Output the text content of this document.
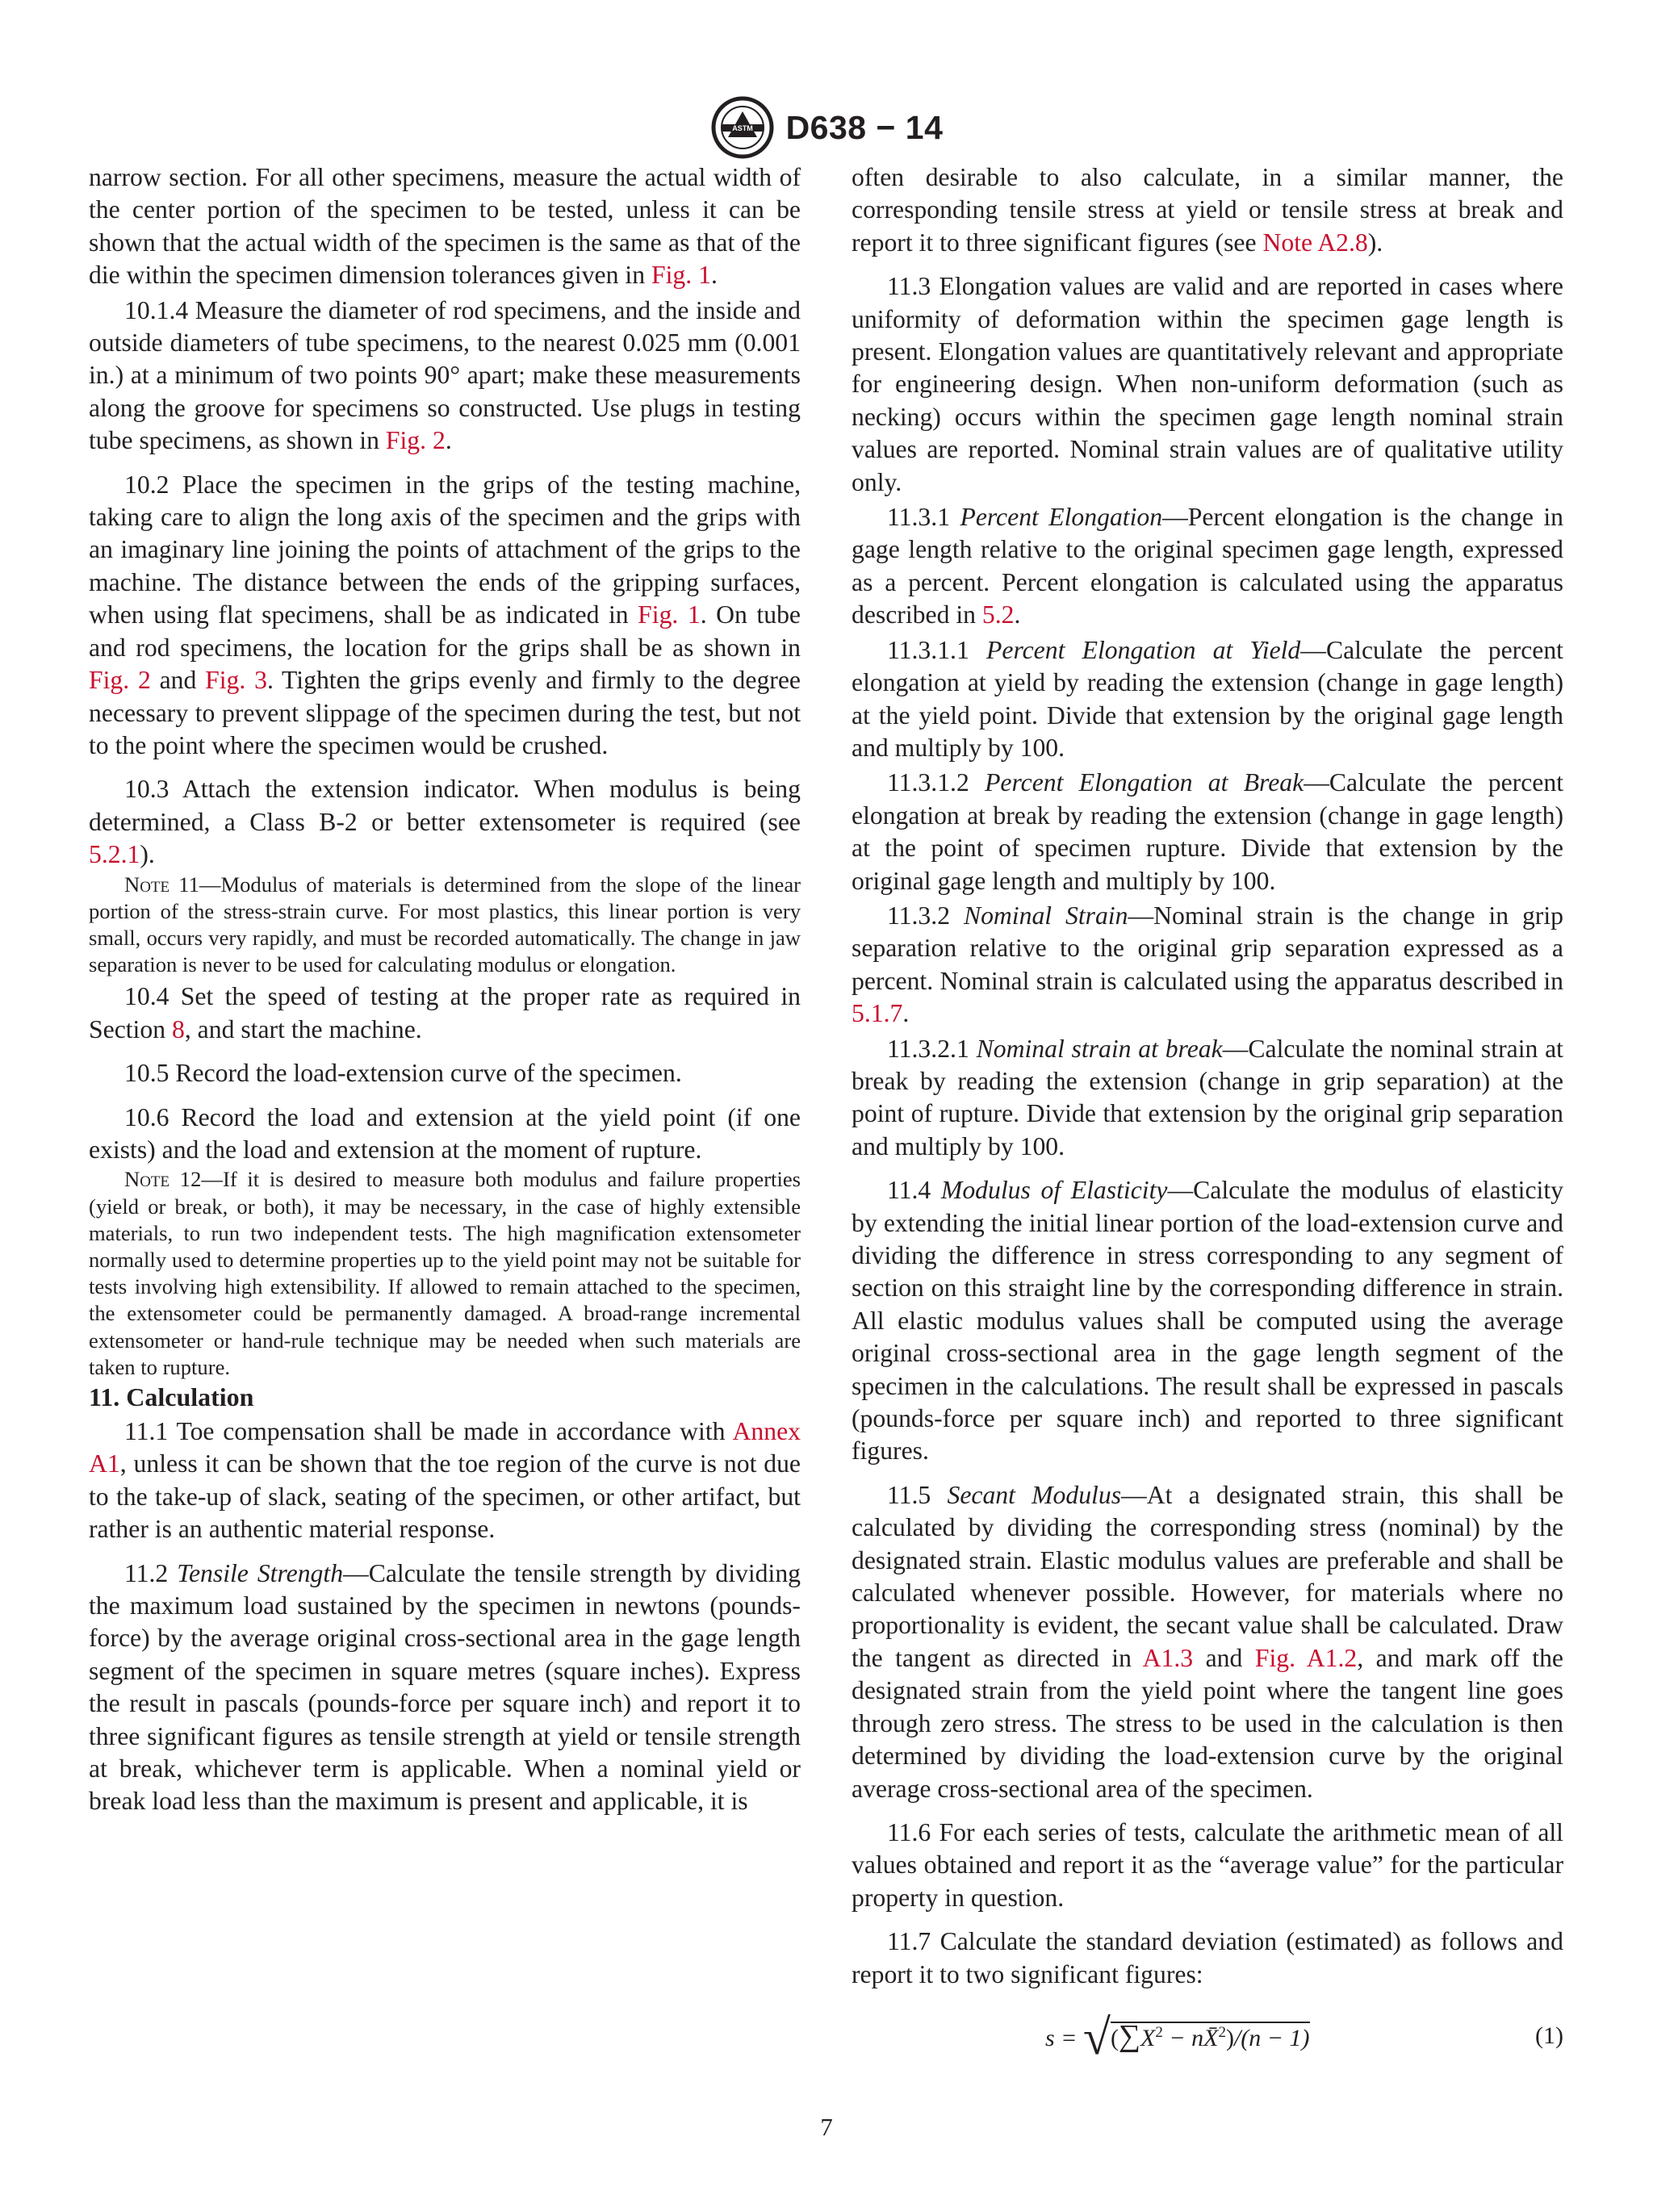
ASTM D638 − 14

narrow section. For all other specimens, measure the actual width of the center portion of the specimen to be tested, unless it can be shown that the actual width of the specimen is the same as that of the die within the specimen dimension tolerances given in Fig. 1.

10.1.4 Measure the diameter of rod specimens, and the inside and outside diameters of tube specimens, to the nearest 0.025 mm (0.001 in.) at a minimum of two points 90° apart; make these measurements along the groove for specimens so constructed. Use plugs in testing tube specimens, as shown in Fig. 2.

10.2 Place the specimen in the grips of the testing machine, taking care to align the long axis of the specimen and the grips with an imaginary line joining the points of attachment of the grips to the machine. The distance between the ends of the gripping surfaces, when using flat specimens, shall be as indicated in Fig. 1. On tube and rod specimens, the location for the grips shall be as shown in Fig. 2 and Fig. 3. Tighten the grips evenly and firmly to the degree necessary to prevent slippage of the specimen during the test, but not to the point where the specimen would be crushed.

10.3 Attach the extension indicator. When modulus is being determined, a Class B-2 or better extensometer is required (see 5.2.1).

Note 11—Modulus of materials is determined from the slope of the linear portion of the stress-strain curve. For most plastics, this linear portion is very small, occurs very rapidly, and must be recorded automatically. The change in jaw separation is never to be used for calculating modulus or elongation.

10.4 Set the speed of testing at the proper rate as required in Section 8, and start the machine.

10.5 Record the load-extension curve of the specimen.

10.6 Record the load and extension at the yield point (if one exists) and the load and extension at the moment of rupture.

Note 12—If it is desired to measure both modulus and failure properties (yield or break, or both), it may be necessary, in the case of highly extensible materials, to run two independent tests. The high magnification extensometer normally used to determine properties up to the yield point may not be suitable for tests involving high extensibility. If allowed to remain attached to the specimen, the extensometer could be permanently damaged. A broad-range incremental extensometer or hand-rule technique may be needed when such materials are taken to rupture.

11. Calculation

11.1 Toe compensation shall be made in accordance with Annex A1, unless it can be shown that the toe region of the curve is not due to the take-up of slack, seating of the specimen, or other artifact, but rather is an authentic material response.

11.2 Tensile Strength—Calculate the tensile strength by dividing the maximum load sustained by the specimen in newtons (pounds-force) by the average original cross-sectional area in the gage length segment of the specimen in square metres (square inches). Express the result in pascals (pounds-force per square inch) and report it to three significant figures as tensile strength at yield or tensile strength at break, whichever term is applicable. When a nominal yield or break load less than the maximum is present and applicable, it is

often desirable to also calculate, in a similar manner, the corresponding tensile stress at yield or tensile stress at break and report it to three significant figures (see Note A2.8).

11.3 Elongation values are valid and are reported in cases where uniformity of deformation within the specimen gage length is present. Elongation values are quantitatively relevant and appropriate for engineering design. When non-uniform deformation (such as necking) occurs within the specimen gage length nominal strain values are reported. Nominal strain values are of qualitative utility only.

11.3.1 Percent Elongation—Percent elongation is the change in gage length relative to the original specimen gage length, expressed as a percent. Percent elongation is calculated using the apparatus described in 5.2.

11.3.1.1 Percent Elongation at Yield—Calculate the percent elongation at yield by reading the extension (change in gage length) at the yield point. Divide that extension by the original gage length and multiply by 100.

11.3.1.2 Percent Elongation at Break—Calculate the percent elongation at break by reading the extension (change in gage length) at the point of specimen rupture. Divide that extension by the original gage length and multiply by 100.

11.3.2 Nominal Strain—Nominal strain is the change in grip separation relative to the original grip separation expressed as a percent. Nominal strain is calculated using the apparatus described in 5.1.7.

11.3.2.1 Nominal strain at break—Calculate the nominal strain at break by reading the extension (change in grip separation) at the point of rupture. Divide that extension by the original grip separation and multiply by 100.

11.4 Modulus of Elasticity—Calculate the modulus of elasticity by extending the initial linear portion of the load-extension curve and dividing the difference in stress corresponding to any segment of section on this straight line by the corresponding difference in strain. All elastic modulus values shall be computed using the average original cross-sectional area in the gage length segment of the specimen in the calculations. The result shall be expressed in pascals (pounds-force per square inch) and reported to three significant figures.

11.5 Secant Modulus—At a designated strain, this shall be calculated by dividing the corresponding stress (nominal) by the designated strain. Elastic modulus values are preferable and shall be calculated whenever possible. However, for materials where no proportionality is evident, the secant value shall be calculated. Draw the tangent as directed in A1.3 and Fig. A1.2, and mark off the designated strain from the yield point where the tangent line goes through zero stress. The stress to be used in the calculation is then determined by dividing the load-extension curve by the original average cross-sectional area of the specimen.

11.6 For each series of tests, calculate the arithmetic mean of all values obtained and report it as the “average value” for the particular property in question.

11.7 Calculate the standard deviation (estimated) as follows and report it to two significant figures:

$s = √(\sum X^2$ − nX̄$^2$)/(n − 1)	(1)
7
